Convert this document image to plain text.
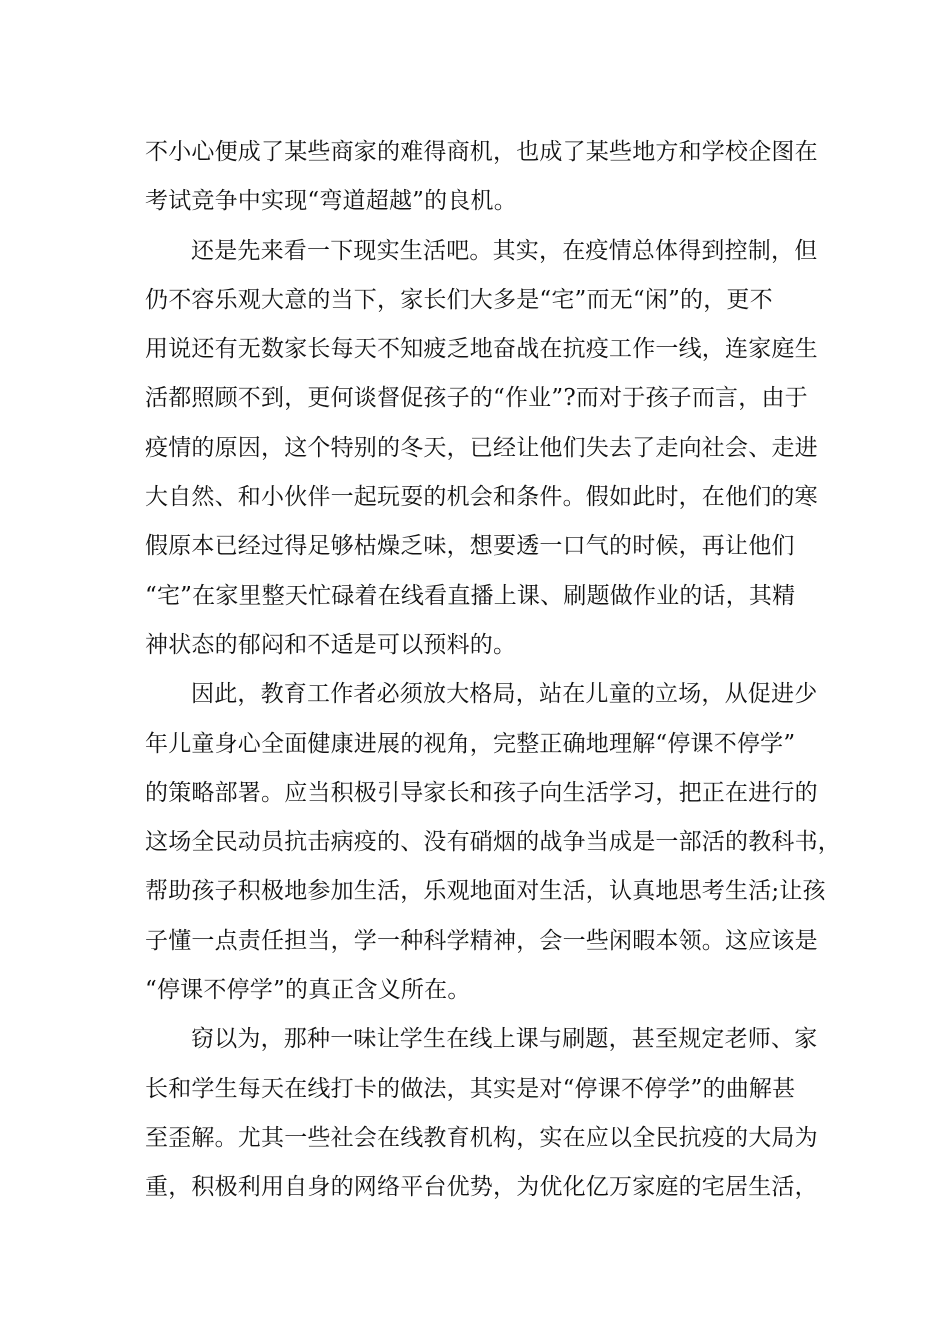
不小心便成了某些商家的难得商机，也成了某些地方和学校企图在
考试竞争中实现“弯道超越”的良机。
还是先来看一下现实生活吧。其实，在疫情总体得到控制，但
仍不容乐观大意的当下，家长们大多是“宅”而无“闲”的，更不
用说还有无数家长每天不知疲乏地奋战在抗疫工作一线，连家庭生
活都照顾不到，更何谈督促孩子的“作业”?而对于孩子而言，由于
疫情的原因，这个特别的冬天，已经让他们失去了走向社会、走进
大自然、和小伙伴一起玩耍的机会和条件。假如此时，在他们的寒
假原本已经过得足够枯燥乏味，想要透一口气的时候，再让他们
“宅”在家里整天忙碌着在线看直播上课、刷题做作业的话，其精
神状态的郁闷和不适是可以预料的。
因此，教育工作者必须放大格局，站在儿童的立场，从促进少
年儿童身心全面健康进展的视角，完整正确地理解“停课不停学”
的策略部署。应当积极引导家长和孩子向生活学习，把正在进行的
这场全民动员抗击病疫的、没有硝烟的战争当成是一部活的教科书，
帮助孩子积极地参加生活，乐观地面对生活，认真地思考生活;让孩
子懂一点责任担当，学一种科学精神，会一些闲暇本领。这应该是
“停课不停学”的真正含义所在。
窃以为，那种一味让学生在线上课与刷题，甚至规定老师、家
长和学生每天在线打卡的做法，其实是对“停课不停学”的曲解甚
至歪解。尤其一些社会在线教育机构，实在应以全民抗疫的大局为
重，积极利用自身的网络平台优势，为优化亿万家庭的宅居生活，
